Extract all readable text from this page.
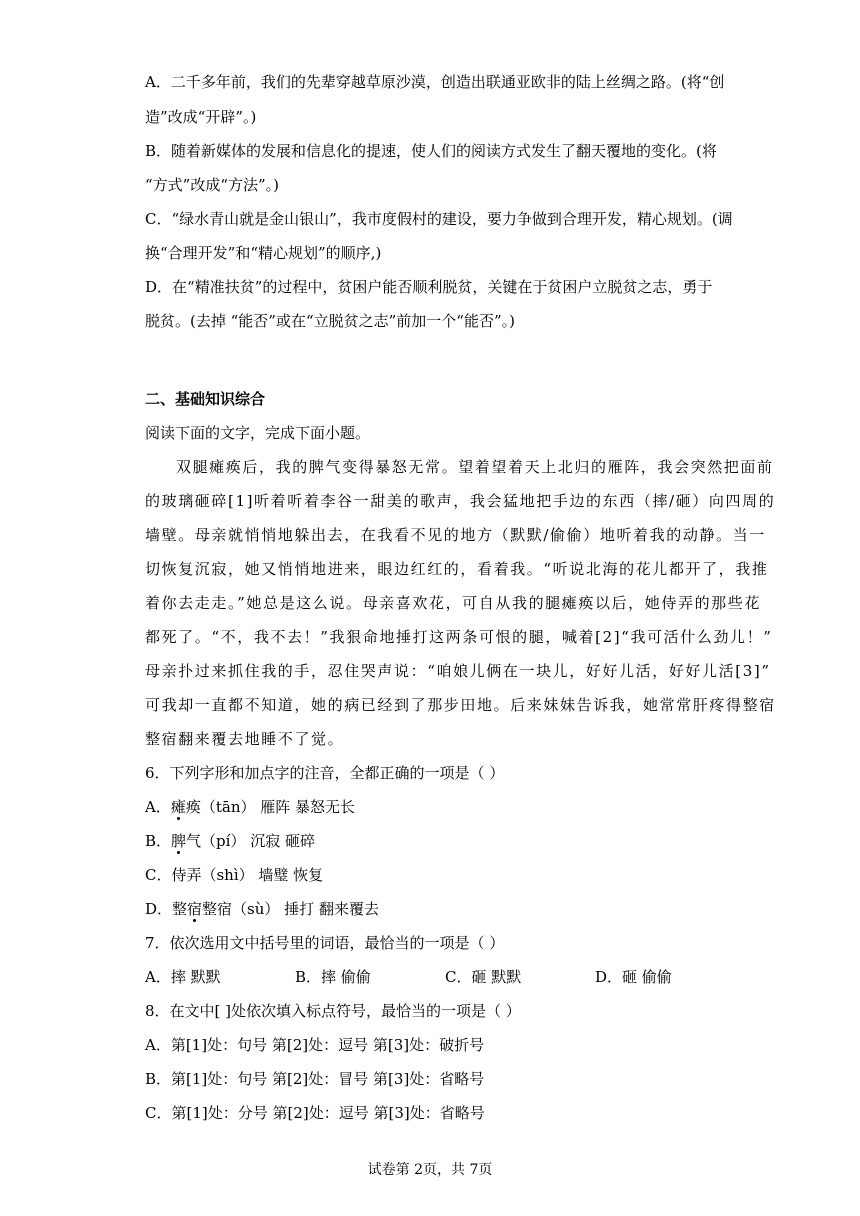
A．二千多年前，我们的先辈穿越草原沙漠，创造出联通亚欧非的陆上丝绸之路。(将“创
造”改成“开辟”。)
B．随着新媒体的发展和信息化的提速，使人们的阅读方式发生了翻天覆地的变化。(将
“方式”改成“方法”。)
C．“绿水青山就是金山银山”，我市度假村的建设，要力争做到合理开发，精心规划。(调
换“合理开发”和“精心规划”的顺序,)
D．在“精准扶贫”的过程中，贫困户能否顺利脱贫，关键在于贫困户立脱贫之志，勇于
脱贫。(去掉 “能否”或在“立脱贫之志”前加一个“能否”。)
二、基础知识综合
阅读下面的文字，完成下面小题。
双腿瘫痪后，我的脾气变得暴怒无常。望着望着天上北归的雁阵，我会突然把面前
的玻璃砸碎[1]听着听着李谷一甜美的歌声，我会猛地把手边的东西（摔/砸）向四周的
墙壁。母亲就悄悄地躲出去，在我看不见的地方（默默/偷偷）地听着我的动静。当一
切恢复沉寂，她又悄悄地进来，眼边红红的，看着我。“听说北海的花儿都开了，我推
着你去走走。”她总是这么说。母亲喜欢花，可自从我的腿瘫痪以后，她侍弄的那些花
都死了。“不，我不去！”我狠命地捶打这两条可恨的腿，喊着[2]“我可活什么劲儿！”
母亲扑过来抓住我的手，忍住哭声说：“咱娘儿俩在一块儿，好好儿活，好好儿活[3]”
可我却一直都不知道，她的病已经到了那步田地。后来妹妹告诉我，她常常肝疼得整宿
整宿翻来覆去地睡不了觉。
6．下列字形和加点字的注音，全都正确的一项是（ ）
A．瘫痪（tān） 雁阵 暴怒无长
B．脾气（pí） 沉寂 砸碎
C．侍弄（shì） 墙璧 恢复
D．整宿整宿（sù） 捶打 翻来覆去
7．依次选用文中括号里的词语，最恰当的一项是（ ）
A．摔 默默	B．摔 偷偷	C．砸 默默	D．砸 偷偷
8．在文中[ ]处依次填入标点符号，最恰当的一项是（ ）
A．第[1]处：句号 第[2]处：逗号 第[3]处：破折号
B．第[1]处：句号 第[2]处：冒号 第[3]处：省略号
C．第[1]处：分号 第[2]处：逗号 第[3]处：省略号
试卷第 2页，共 7页
